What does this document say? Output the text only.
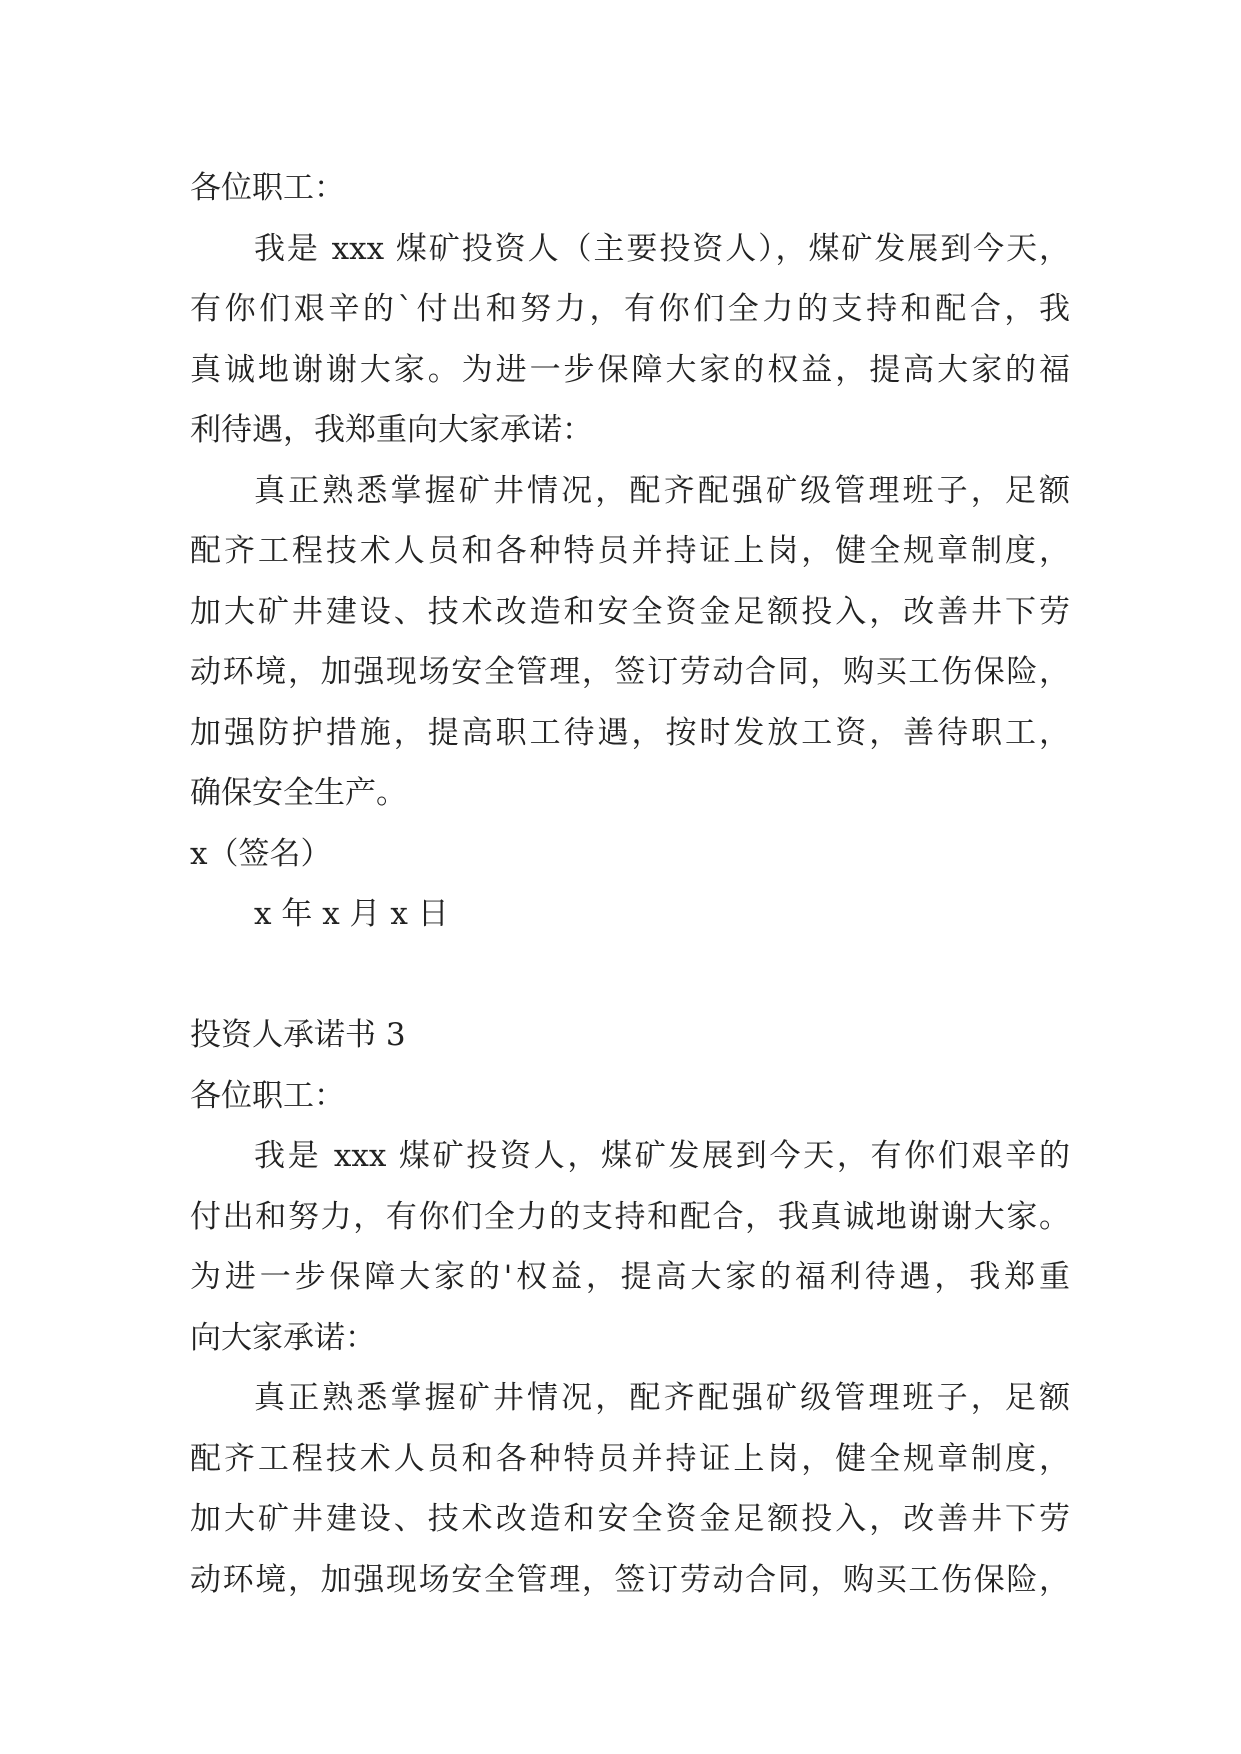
各位职工：
我是 xxx 煤矿投资人（主要投资人），煤矿发展到今天，
有你们艰辛的`付出和努力，有你们全力的支持和配合，我
真诚地谢谢大家。为进一步保障大家的权益，提高大家的福
利待遇，我郑重向大家承诺：
真正熟悉掌握矿井情况，配齐配强矿级管理班子，足额
配齐工程技术人员和各种特员并持证上岗，健全规章制度，
加大矿井建设、技术改造和安全资金足额投入，改善井下劳
动环境，加强现场安全管理，签订劳动合同，购买工伤保险，
加强防护措施，提高职工待遇，按时发放工资，善待职工，
确保安全生产。
x（签名）
x 年 x 月 x 日
投资人承诺书 3
各位职工：
我是 xxx 煤矿投资人，煤矿发展到今天，有你们艰辛的
付出和努力，有你们全力的支持和配合，我真诚地谢谢大家。
为进一步保障大家的'权益，提高大家的福利待遇，我郑重
向大家承诺：
真正熟悉掌握矿井情况，配齐配强矿级管理班子，足额
配齐工程技术人员和各种特员并持证上岗，健全规章制度，
加大矿井建设、技术改造和安全资金足额投入，改善井下劳
动环境，加强现场安全管理，签订劳动合同，购买工伤保险，
